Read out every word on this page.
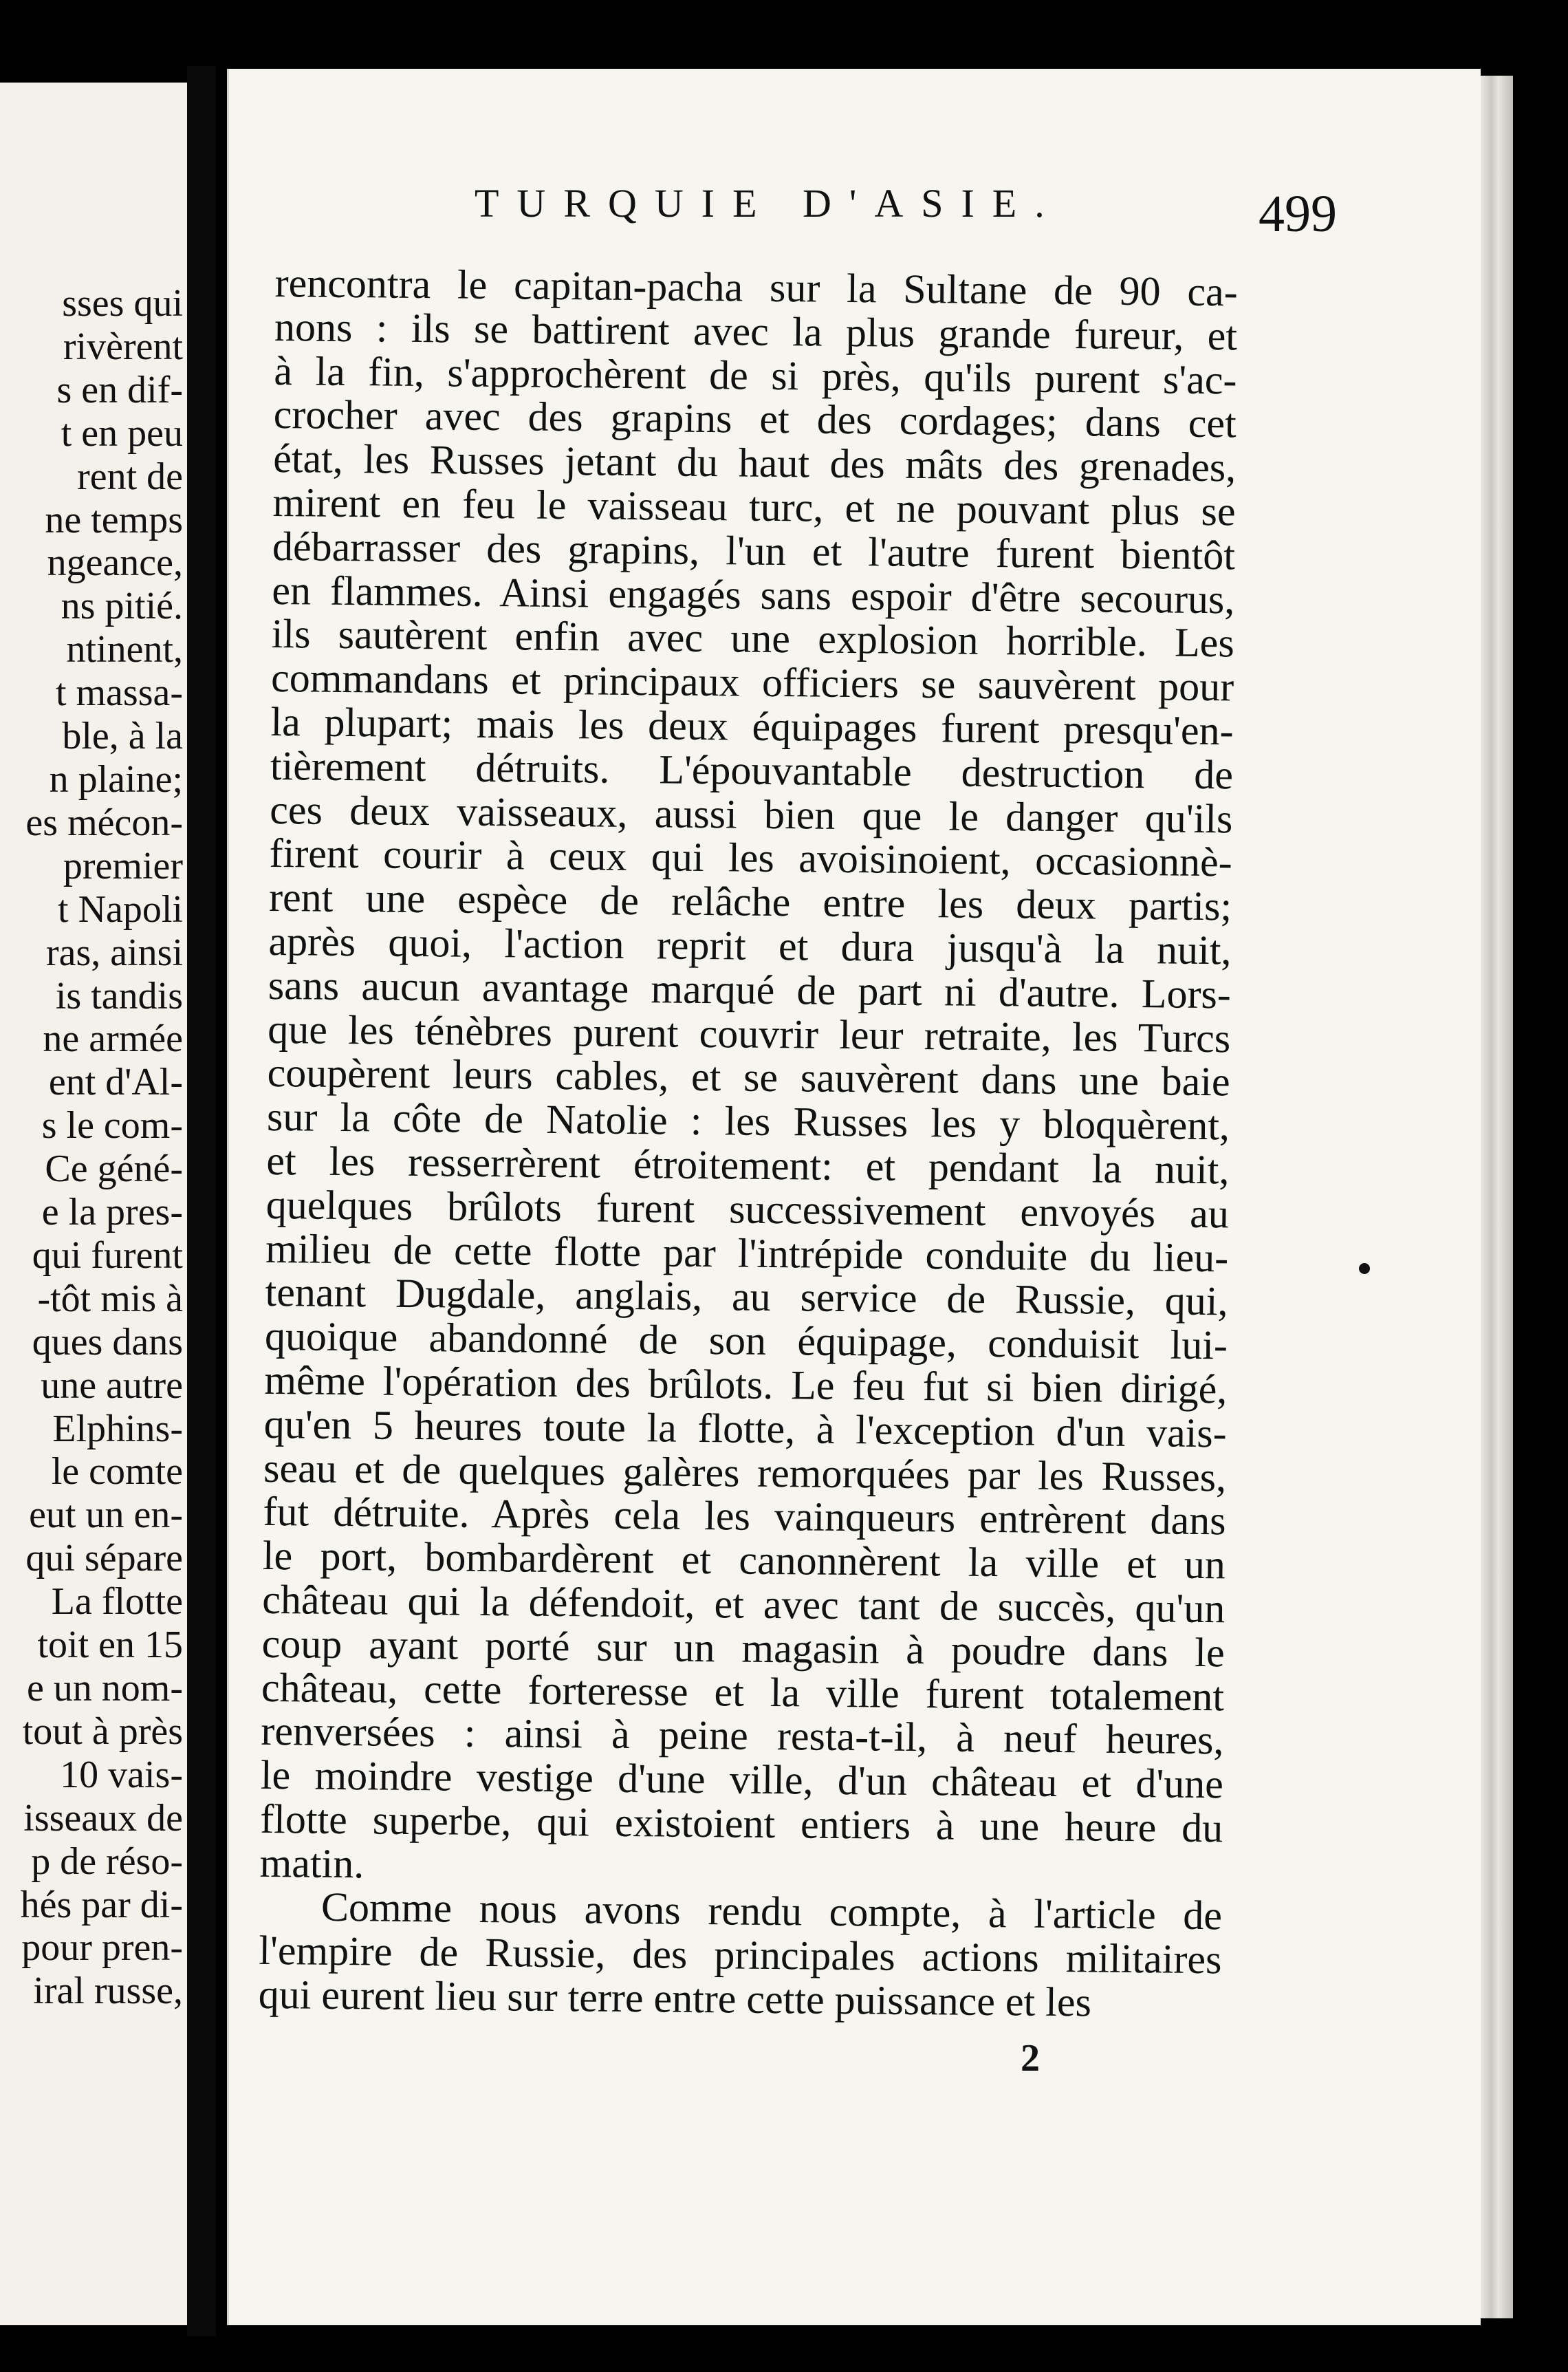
sses qui
rivèrent
s en dif-
t en peu
rent de
ne temps
ngeance,
ns pitié.
ntinent,
t massa-
ble, à la
n plaine;
es mécon-
premier
t Napoli
ras, ainsi
is tandis
ne armée
ent d'Al-
s le com-
Ce géné-
e la pres-
qui furent
-tôt mis à
ques dans
une autre
Elphins-
le comte
eut un en-
qui sépare
La flotte
toit en 15
e un nom-
tout à près
10 vais-
isseaux de
p de réso-
hés par di-
pour pren-
iral russe,
TURQUIE D'ASIE.	499
rencontra le capitan-pacha sur la Sultane de 90 ca-
nons : ils se battirent avec la plus grande fureur, et
à la fin, s'approchèrent de si près, qu'ils purent s'ac-
crocher avec des grapins et des cordages; dans cet
état, les Russes jetant du haut des mâts des grenades,
mirent en feu le vaisseau turc, et ne pouvant plus se
débarrasser des grapins, l'un et l'autre furent bientôt
en flammes. Ainsi engagés sans espoir d'être secourus,
ils sautèrent enfin avec une explosion horrible. Les
commandans et principaux officiers se sauvèrent pour
la plupart; mais les deux équipages furent presqu'en-
tièrement détruits. L'épouvantable destruction de
ces deux vaisseaux, aussi bien que le danger qu'ils
firent courir à ceux qui les avoisinoient, occasionnè-
rent une espèce de relâche entre les deux partis;
après quoi, l'action reprit et dura jusqu'à la nuit,
sans aucun avantage marqué de part ni d'autre. Lors-
que les ténèbres purent couvrir leur retraite, les Turcs
coupèrent leurs cables, et se sauvèrent dans une baie
sur la côte de Natolie : les Russes les y bloquèrent,
et les resserrèrent étroitement: et pendant la nuit,
quelques brûlots furent successivement envoyés au
milieu de cette flotte par l'intrépide conduite du lieu-
tenant Dugdale, anglais, au service de Russie, qui,
quoique abandonné de son équipage, conduisit lui-
même l'opération des brûlots. Le feu fut si bien dirigé,
qu'en 5 heures toute la flotte, à l'exception d'un vais-
seau et de quelques galères remorquées par les Russes,
fut détruite. Après cela les vainqueurs entrèrent dans
le port, bombardèrent et canonnèrent la ville et un
château qui la défendoit, et avec tant de succès, qu'un
coup ayant porté sur un magasin à poudre dans le
château, cette forteresse et la ville furent totalement
renversées : ainsi à peine resta-t-il, à neuf heures,
le moindre vestige d'une ville, d'un château et d'une
flotte superbe, qui existoient entiers à une heure du
matin.
Comme nous avons rendu compte, à l'article de
l'empire de Russie, des principales actions militaires
qui eurent lieu sur terre entre cette puissance et les
2
